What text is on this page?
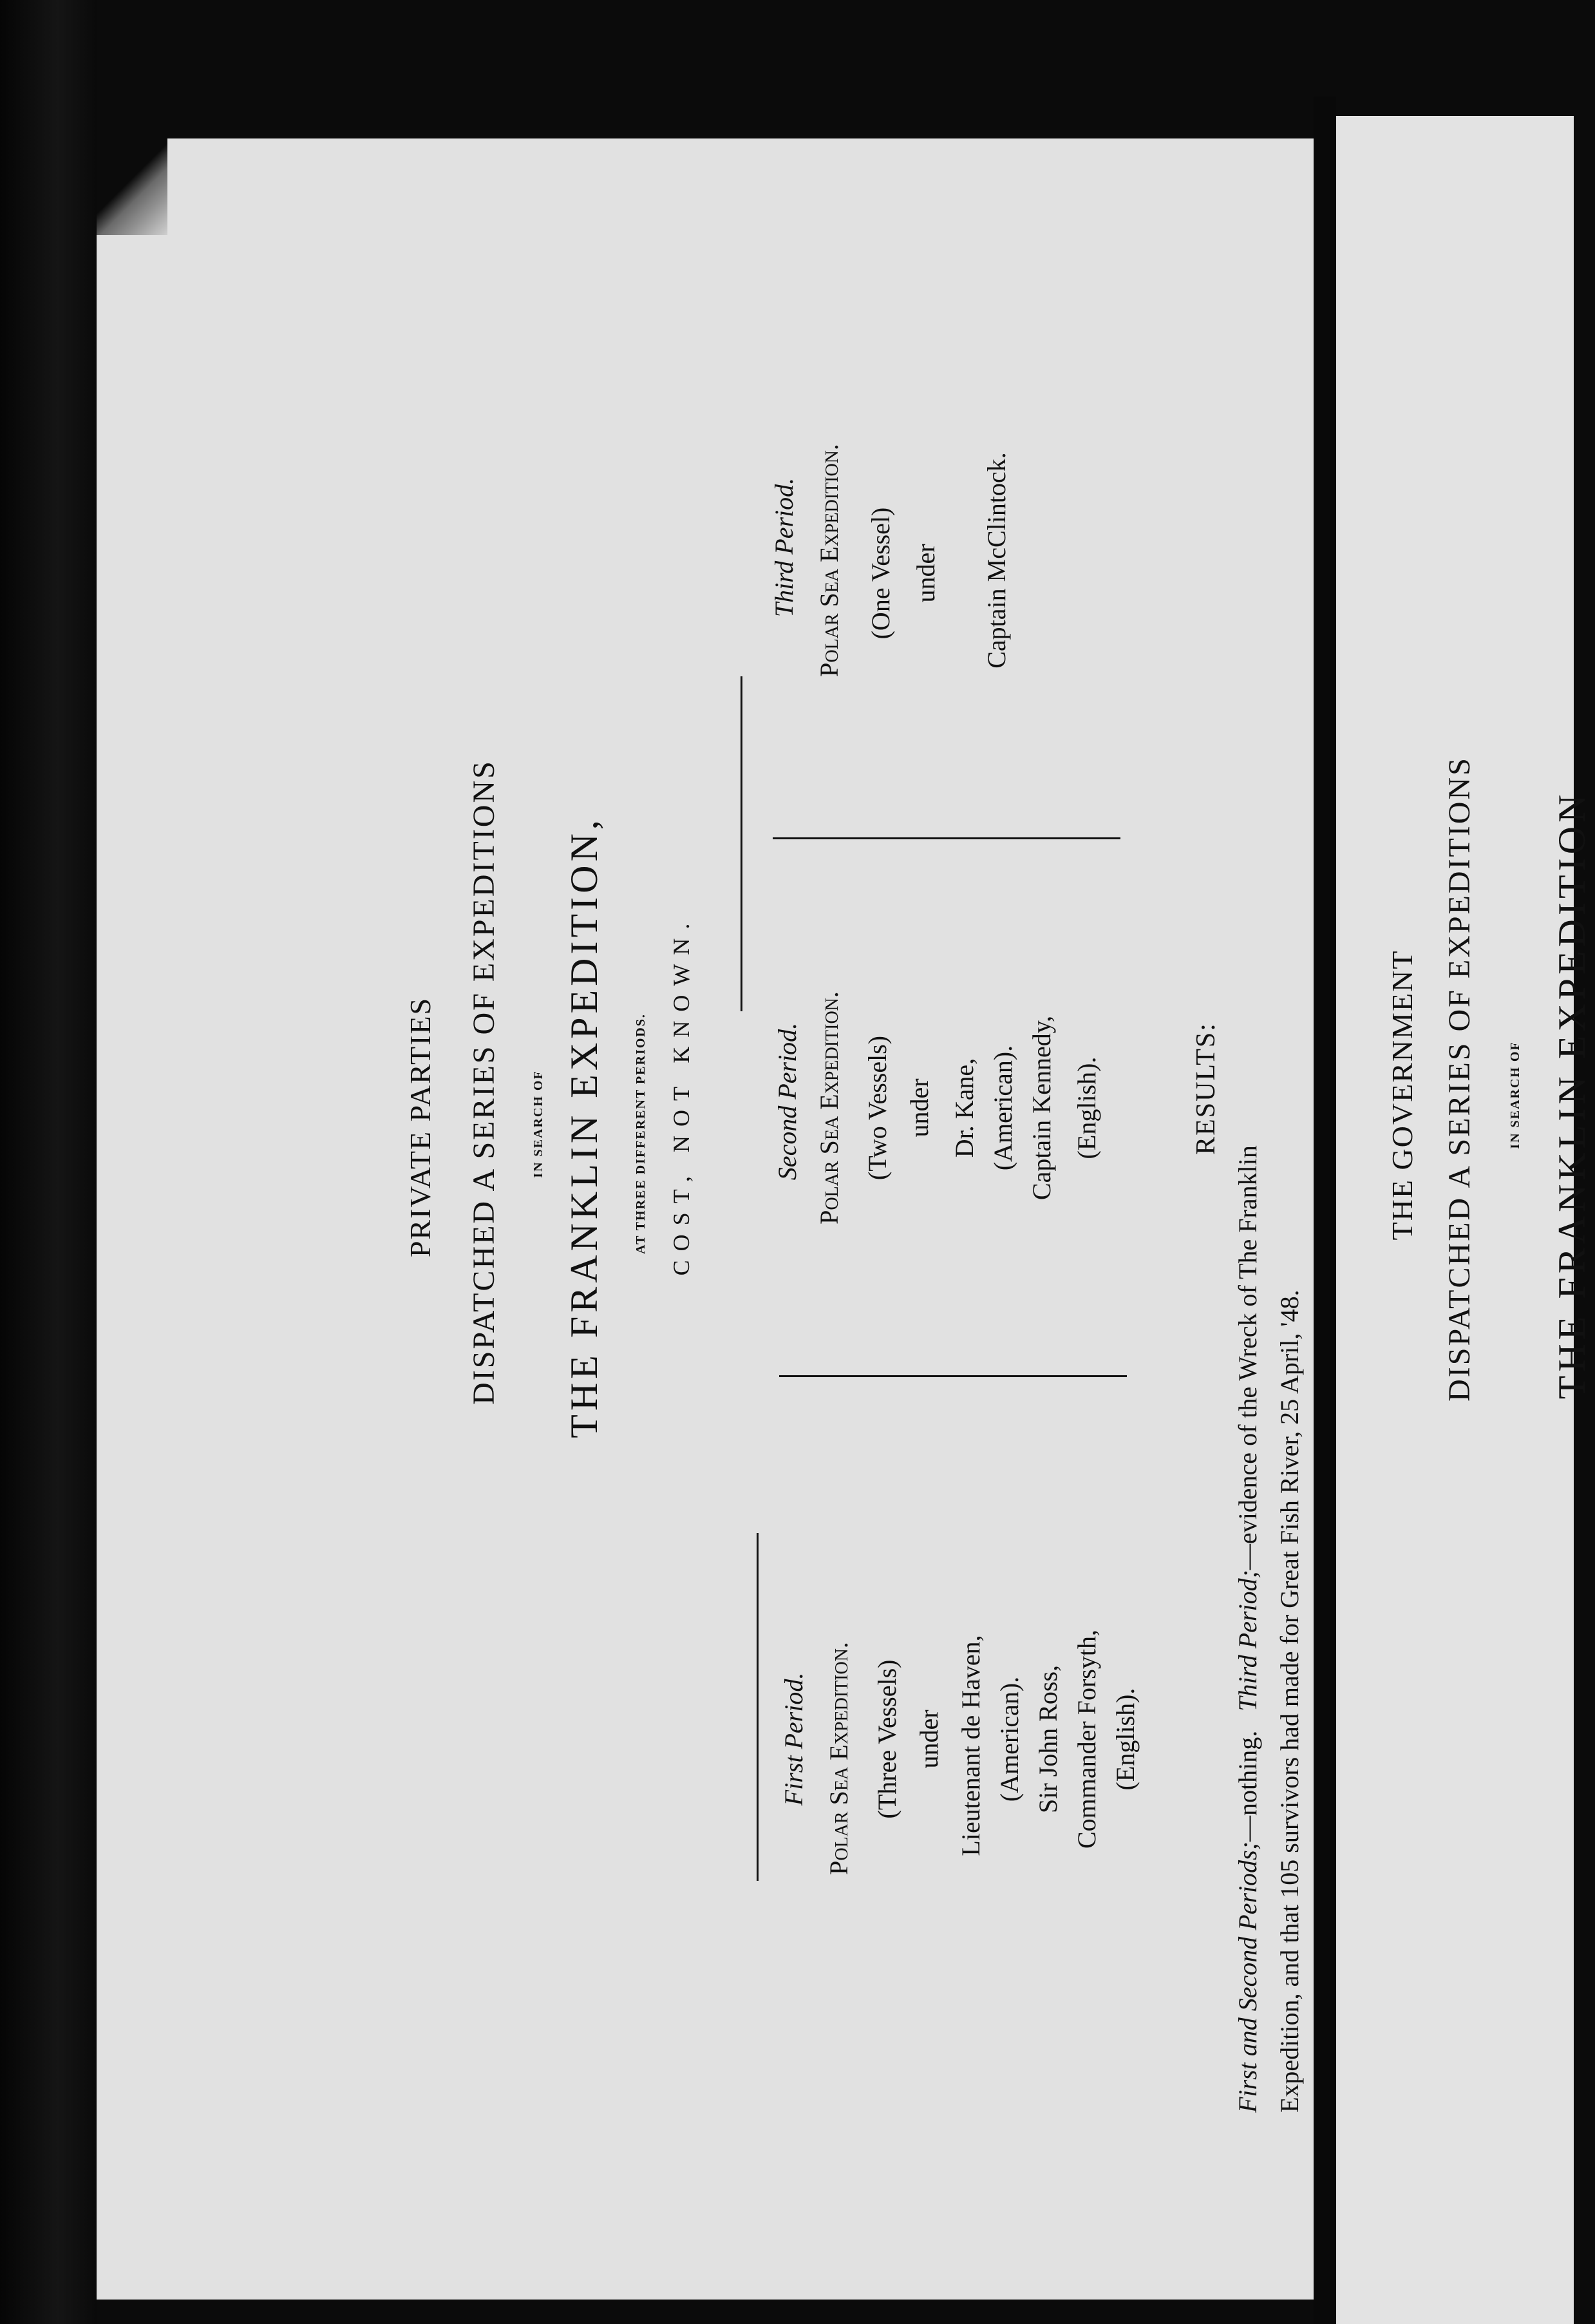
PRIVATE PARTIES DISPATCHED A SERIES OF EXPEDITIONS IN SEARCH OF THE FRANKLIN EXPEDITION, AT THREE DIFFERENT PERIODS. COST, NOT KNOWN.
First Period. Polar Sea Expedition. (Three Vessels) under Lieutenant de Haven, (American). Sir John Ross, Commander Forsyth, (English).
Second Period. Polar Sea Expedition. (Two Vessels) under Dr. Kane, (American). Captain Kennedy, (English).
Third Period. Polar Sea Expedition. (One Vessel) under Captain McClintock.
RESULTS:
First and Second Periods;—nothing.   Third Period;—evidence of the Wreck of The Franklin Expedition, and that 105 survivors had made for Great Fish River, 25 April, '48.
THE GOVERNMENT DISPATCHED A SERIES OF EXPEDITIONS IN SEARCH OF THE FRANKLIN EXPEDITION
